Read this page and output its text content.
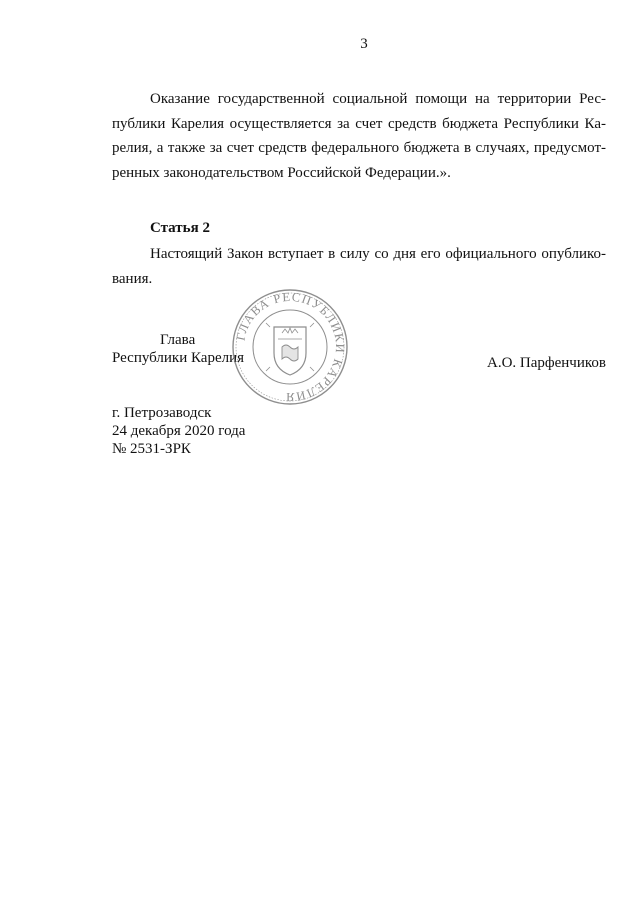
3
Оказание государственной социальной помощи на территории Рес-
публики Карелия осуществляется за счет средств бюджета Республики Ка-
релия, а также за счет средств федерального бюджета в случаях, предусмот-
ренных законодательством Российской Федерации.».
Статья 2
Настоящий Закон вступает в силу со дня его официального опублико-
вания.
Глава
Республики Карелия	А.О. Парфенчиков
г. Петрозаводск
24 декабря 2020 года
№ 2531-ЗРК
ГЛАВА РЕСПУБЛИКИ КАРЕЛИЯ
